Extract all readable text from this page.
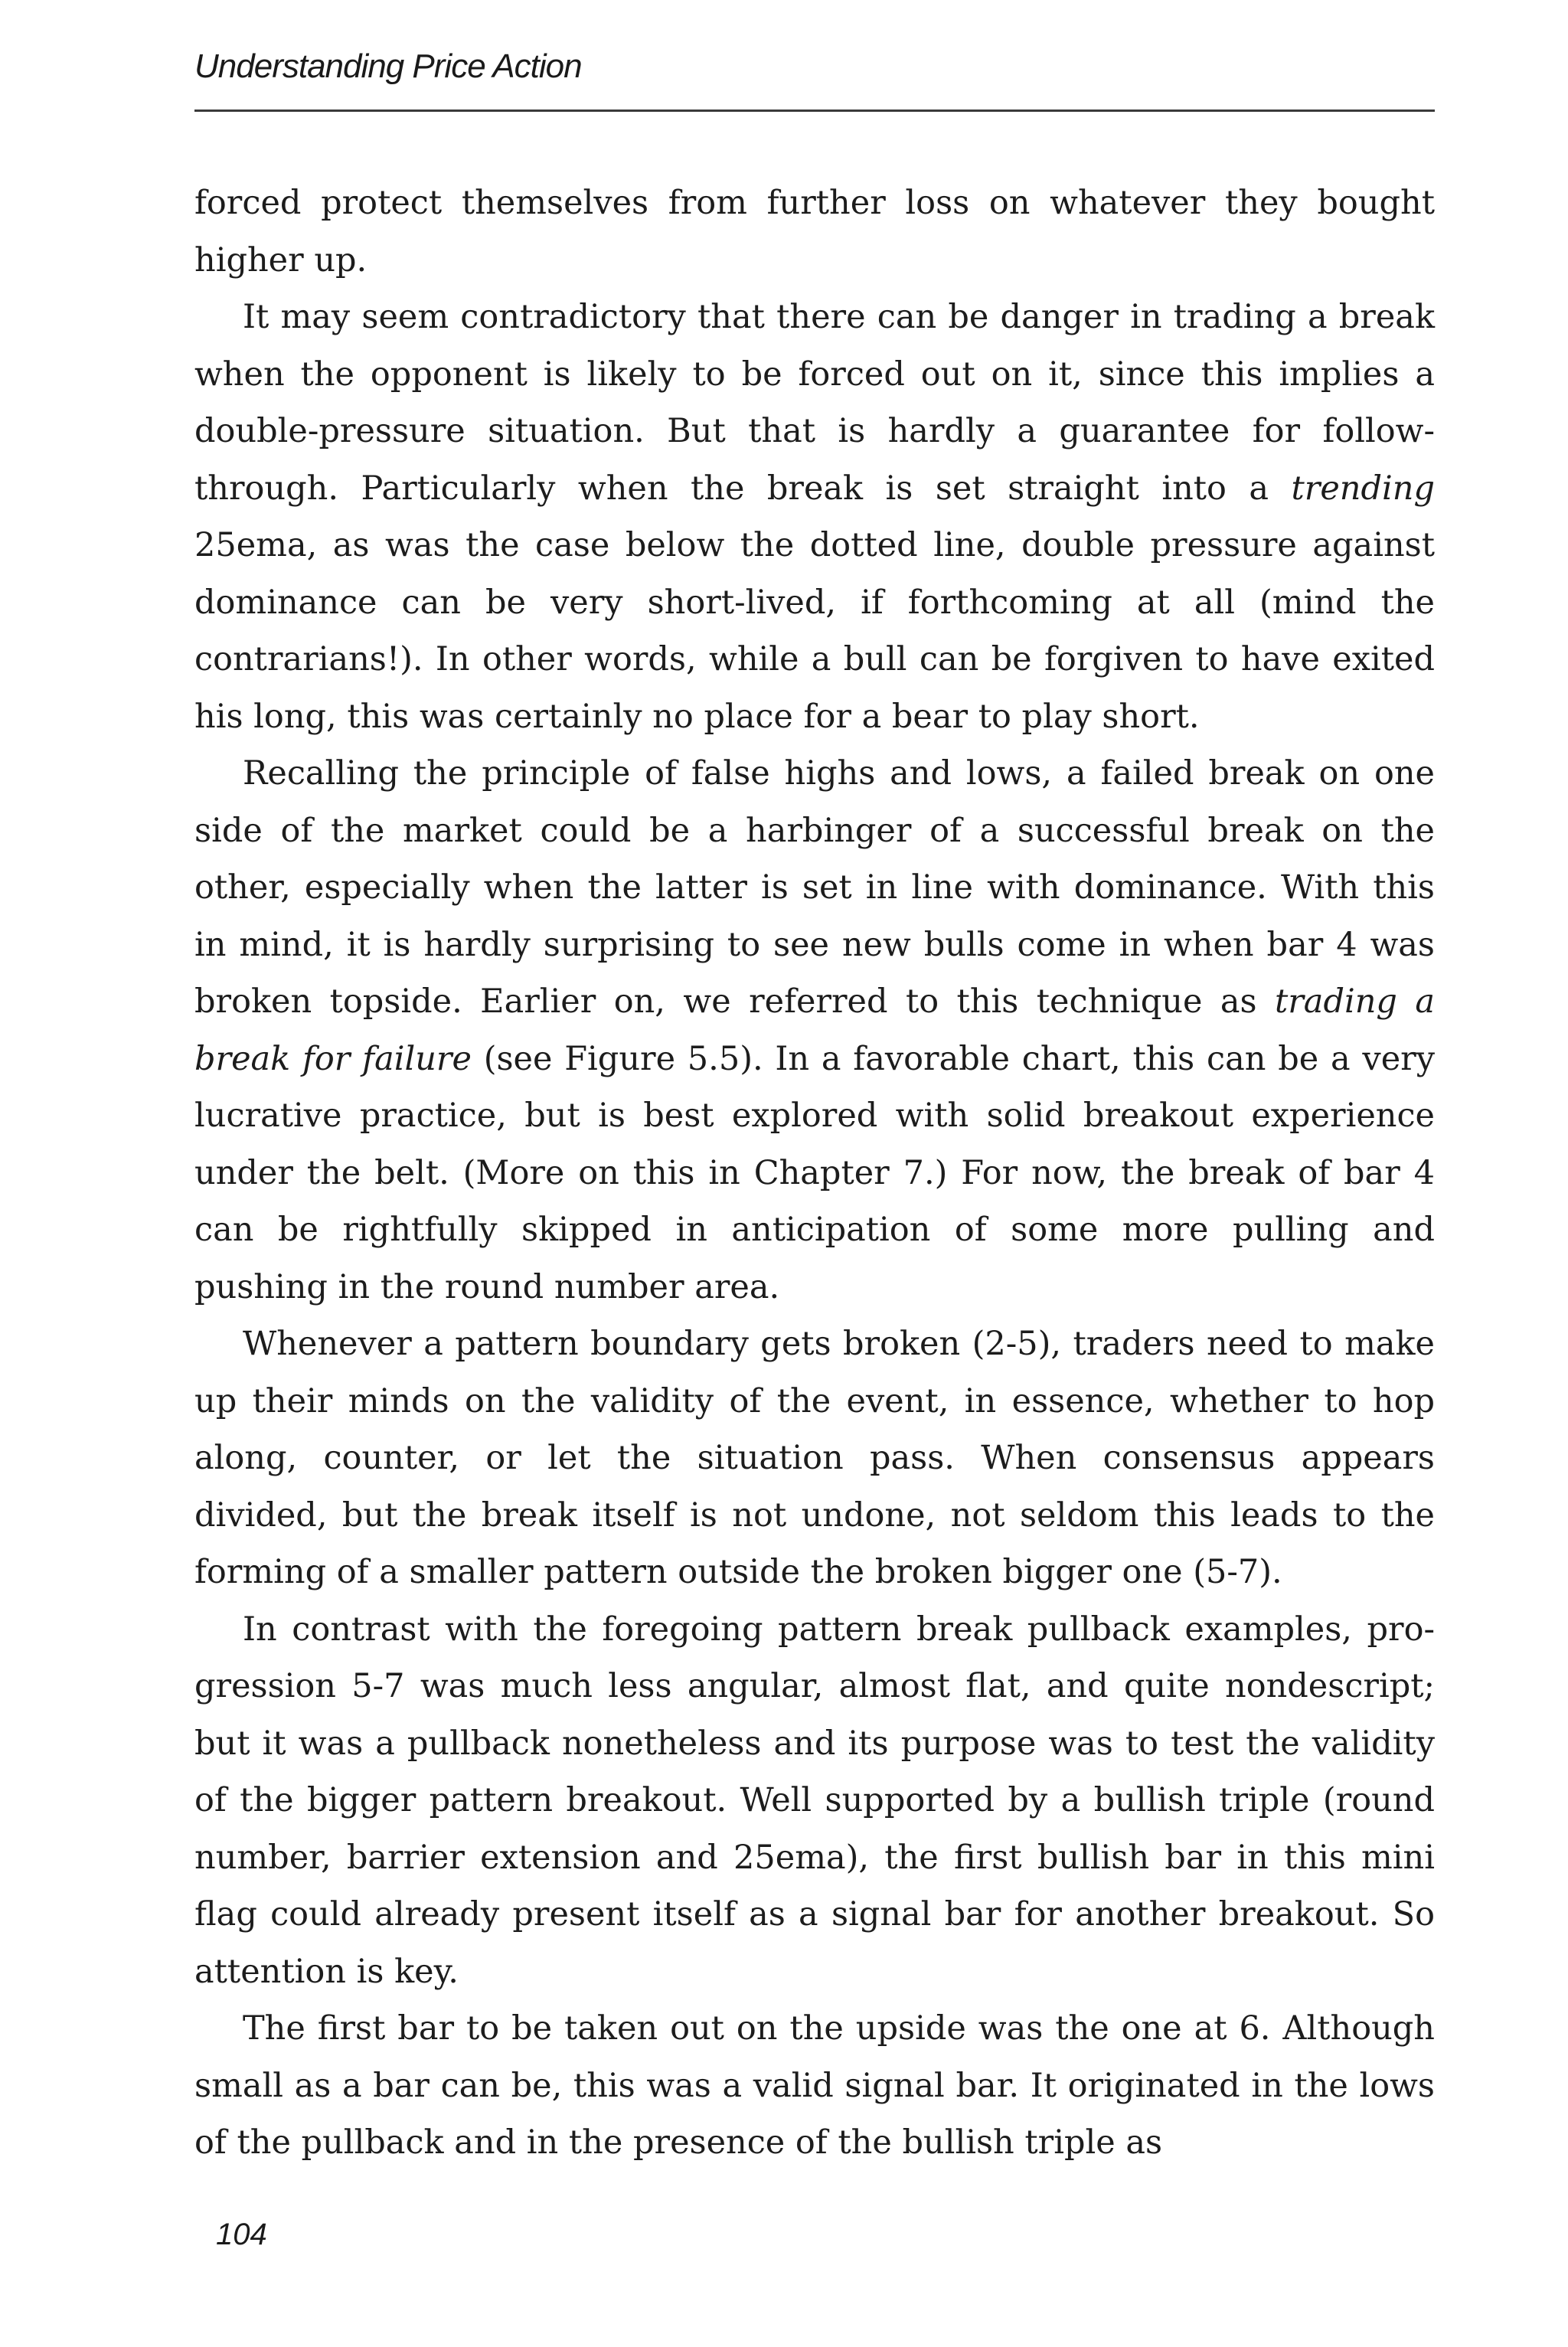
Understanding Price Action

forced protect themselves from further loss on whatever they bought higher up.

It may seem contradictory that there can be danger in trading a break when the opponent is likely to be forced out on it, since this implies a double-pressure situation. But that is hardly a guarantee for follow-through. Particularly when the break is set straight into a trending 25ema, as was the case below the dotted line, double pressure against dominance can be very short-lived, if forthcoming at all (mind the contrarians!). In other words, while a bull can be forgiven to have exited his long, this was certainly no place for a bear to play short.

Recalling the principle of false highs and lows, a failed break on one side of the market could be a harbinger of a successful break on the other, especially when the latter is set in line with dominance. With this in mind, it is hardly surprising to see new bulls come in when bar 4 was broken topside. Earlier on, we referred to this technique as trading a break for failure (see Figure 5.5). In a favorable chart, this can be a very lucrative practice, but is best explored with solid breakout experience under the belt. (More on this in Chapter 7.) For now, the break of bar 4 can be rightfully skipped in anticipation of some more pulling and pushing in the round number area.

Whenever a pattern boundary gets broken (2-5), traders need to make up their minds on the validity of the event, in essence, whether to hop along, counter, or let the situation pass. When consensus appears divided, but the break itself is not undone, not seldom this leads to the forming of a smaller pattern outside the broken bigger one (5-7).

In contrast with the foregoing pattern break pullback examples, progression 5-7 was much less angular, almost flat, and quite nondescript; but it was a pullback nonetheless and its purpose was to test the validity of the bigger pattern breakout. Well supported by a bullish triple (round number, barrier extension and 25ema), the first bullish bar in this mini flag could already present itself as a signal bar for another breakout. So attention is key.

The first bar to be taken out on the upside was the one at 6. Although small as a bar can be, this was a valid signal bar. It originated in the lows of the pullback and in the presence of the bullish triple as

104
